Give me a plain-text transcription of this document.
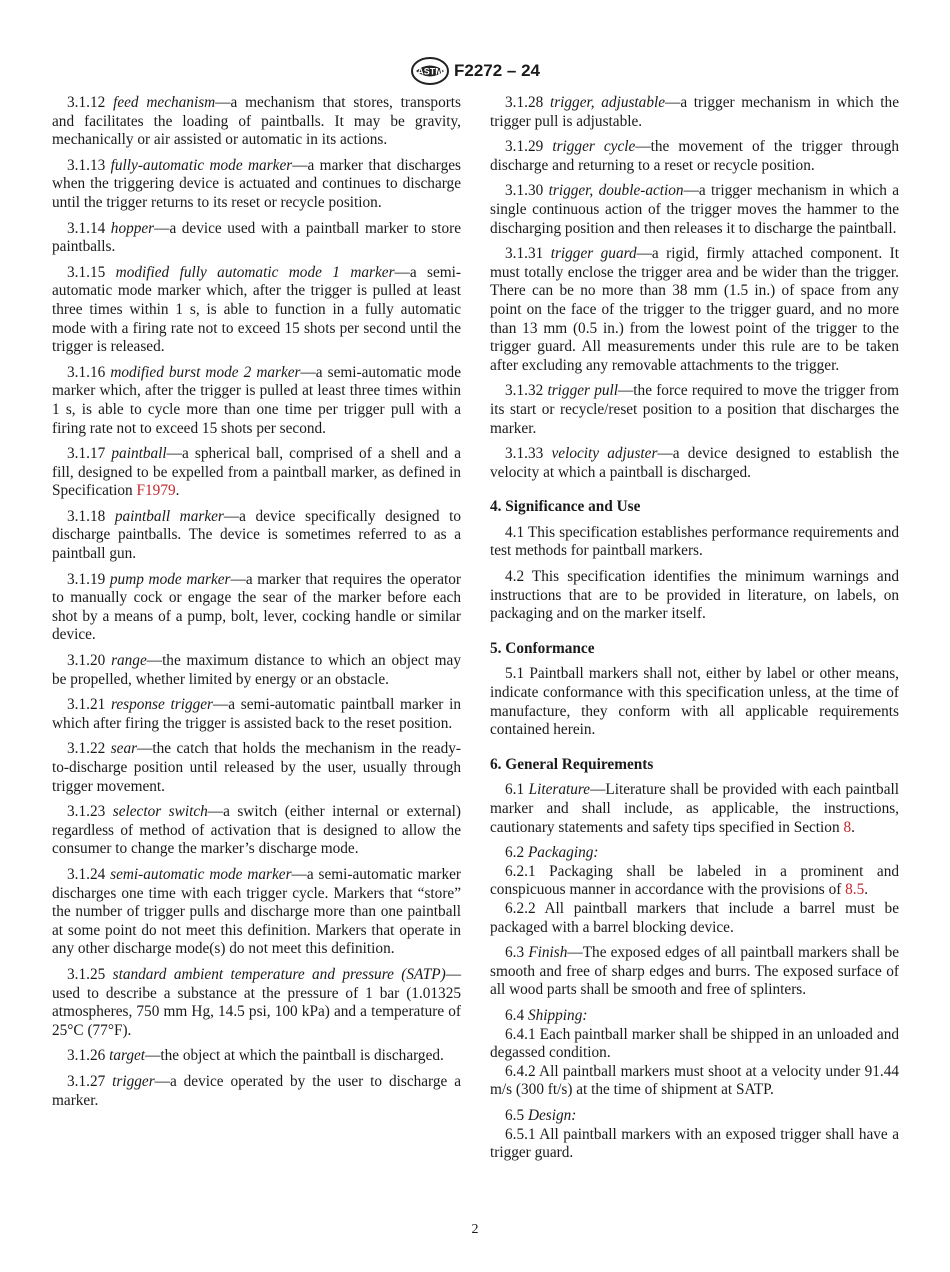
ASTM F2272 – 24

3.1.12 feed mechanism—a mechanism that stores, transports and facilitates the loading of paintballs. It may be gravity, mechanically or air assisted or automatic in its actions.

3.1.13 fully-automatic mode marker—a marker that discharges when the triggering device is actuated and continues to discharge until the trigger returns to its reset or recycle position.

3.1.14 hopper—a device used with a paintball marker to store paintballs.

3.1.15 modified fully automatic mode 1 marker—a semi-automatic mode marker which, after the trigger is pulled at least three times within 1 s, is able to function in a fully automatic mode with a firing rate not to exceed 15 shots per second until the trigger is released.

3.1.16 modified burst mode 2 marker—a semi-automatic mode marker which, after the trigger is pulled at least three times within 1 s, is able to cycle more than one time per trigger pull with a firing rate not to exceed 15 shots per second.

3.1.17 paintball—a spherical ball, comprised of a shell and a fill, designed to be expelled from a paintball marker, as defined in Specification F1979.

3.1.18 paintball marker—a device specifically designed to discharge paintballs. The device is sometimes referred to as a paintball gun.

3.1.19 pump mode marker—a marker that requires the operator to manually cock or engage the sear of the marker before each shot by a means of a pump, bolt, lever, cocking handle or similar device.

3.1.20 range—the maximum distance to which an object may be propelled, whether limited by energy or an obstacle.

3.1.21 response trigger—a semi-automatic paintball marker in which after firing the trigger is assisted back to the reset position.

3.1.22 sear—the catch that holds the mechanism in the ready-to-discharge position until released by the user, usually through trigger movement.

3.1.23 selector switch—a switch (either internal or external) regardless of method of activation that is designed to allow the consumer to change the marker’s discharge mode.

3.1.24 semi-automatic mode marker—a semi-automatic marker discharges one time with each trigger cycle. Markers that “store” the number of trigger pulls and discharge more than one paintball at some point do not meet this definition. Markers that operate in any other discharge mode(s) do not meet this definition.

3.1.25 standard ambient temperature and pressure (SATP)—used to describe a substance at the pressure of 1 bar (1.01325 atmospheres, 750 mm Hg, 14.5 psi, 100 kPa) and a temperature of 25°C (77°F).

3.1.26 target—the object at which the paintball is discharged.

3.1.27 trigger—a device operated by the user to discharge a marker.

3.1.28 trigger, adjustable—a trigger mechanism in which the trigger pull is adjustable.

3.1.29 trigger cycle—the movement of the trigger through discharge and returning to a reset or recycle position.

3.1.30 trigger, double-action—a trigger mechanism in which a single continuous action of the trigger moves the hammer to the discharging position and then releases it to discharge the paintball.

3.1.31 trigger guard—a rigid, firmly attached component. It must totally enclose the trigger area and be wider than the trigger. There can be no more than 38 mm (1.5 in.) of space from any point on the face of the trigger to the trigger guard, and no more than 13 mm (0.5 in.) from the lowest point of the trigger to the trigger guard. All measurements under this rule are to be taken after excluding any removable attachments to the trigger.

3.1.32 trigger pull—the force required to move the trigger from its start or recycle/reset position to a position that discharges the marker.

3.1.33 velocity adjuster—a device designed to establish the velocity at which a paintball is discharged.

4. Significance and Use

4.1 This specification establishes performance requirements and test methods for paintball markers.

4.2 This specification identifies the minimum warnings and instructions that are to be provided in literature, on labels, on packaging and on the marker itself.

5. Conformance

5.1 Paintball markers shall not, either by label or other means, indicate conformance with this specification unless, at the time of manufacture, they conform with all applicable requirements contained herein.

6. General Requirements

6.1 Literature—Literature shall be provided with each paintball marker and shall include, as applicable, the instructions, cautionary statements and safety tips specified in Section 8.

6.2 Packaging:

6.2.1 Packaging shall be labeled in a prominent and conspicuous manner in accordance with the provisions of 8.5.

6.2.2 All paintball markers that include a barrel must be packaged with a barrel blocking device.

6.3 Finish—The exposed edges of all paintball markers shall be smooth and free of sharp edges and burrs. The exposed surface of all wood parts shall be smooth and free of splinters.

6.4 Shipping:

6.4.1 Each paintball marker shall be shipped in an unloaded and degassed condition.

6.4.2 All paintball markers must shoot at a velocity under 91.44 m/s (300 ft/s) at the time of shipment at SATP.

6.5 Design:

6.5.1 All paintball markers with an exposed trigger shall have a trigger guard.

2
